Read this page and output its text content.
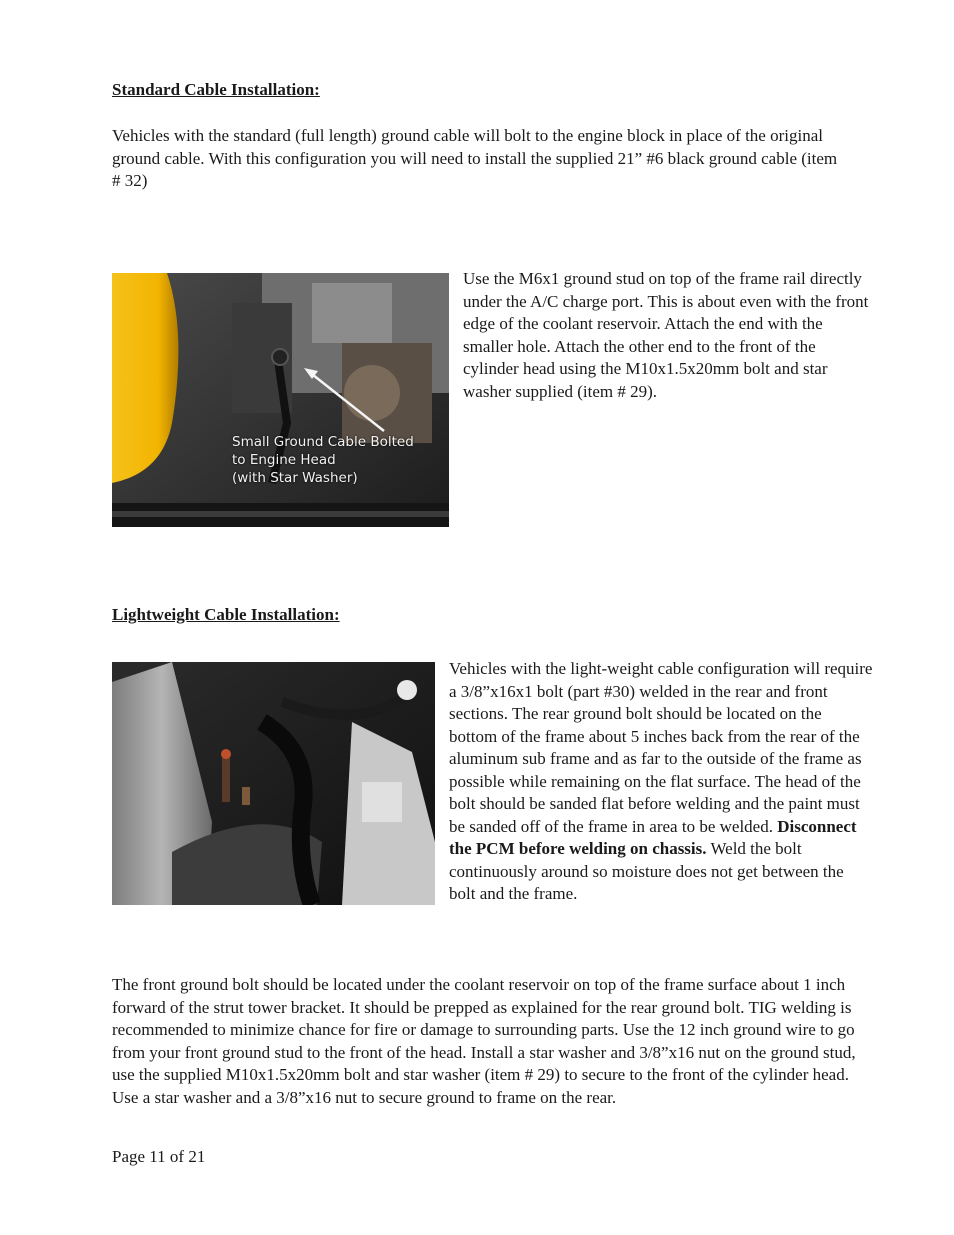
Standard Cable Installation:

Vehicles with the standard (full length) ground cable will bolt to the engine block in place of the original ground cable. With this configuration you will need to install the supplied 21” #6 black ground cable (item # 32)

Small Ground Cable Bolted
to Engine Head
(with Star Washer)

Use the M6x1 ground stud on top of the frame rail directly under the A/C charge port. This is about even with the front edge of the coolant reservoir. Attach the end with the smaller hole. Attach the other end to the front of the cylinder head using the M10x1.5x20mm bolt and star washer supplied (item # 29).

Lightweight Cable Installation:

Vehicles with the light-weight cable configuration will require a 3/8”x16x1 bolt (part #30) welded in the rear and front sections. The rear ground bolt should be located on the bottom of the frame about 5 inches back from the rear of the aluminum sub frame and as far to the outside of the frame as possible while remaining on the flat surface. The head of the bolt should be sanded flat before welding and the paint must be sanded off of the frame in area to be welded. Disconnect the PCM before welding on chassis. Weld the bolt continuously around so moisture does not get between the bolt and the frame.

The front ground bolt should be located under the coolant reservoir on top of the frame surface about 1 inch forward of the strut tower bracket. It should be prepped as explained for the rear ground bolt. TIG welding is recommended to minimize chance for fire or damage to surrounding parts. Use the 12 inch ground wire to go from your front ground stud to the front of the head. Install a star washer and 3/8”x16 nut on the ground stud, use the supplied M10x1.5x20mm bolt and star washer (item # 29) to secure to the front of the cylinder head. Use a star washer and a 3/8”x16 nut to secure ground to frame on the rear.

Page 11 of 21
